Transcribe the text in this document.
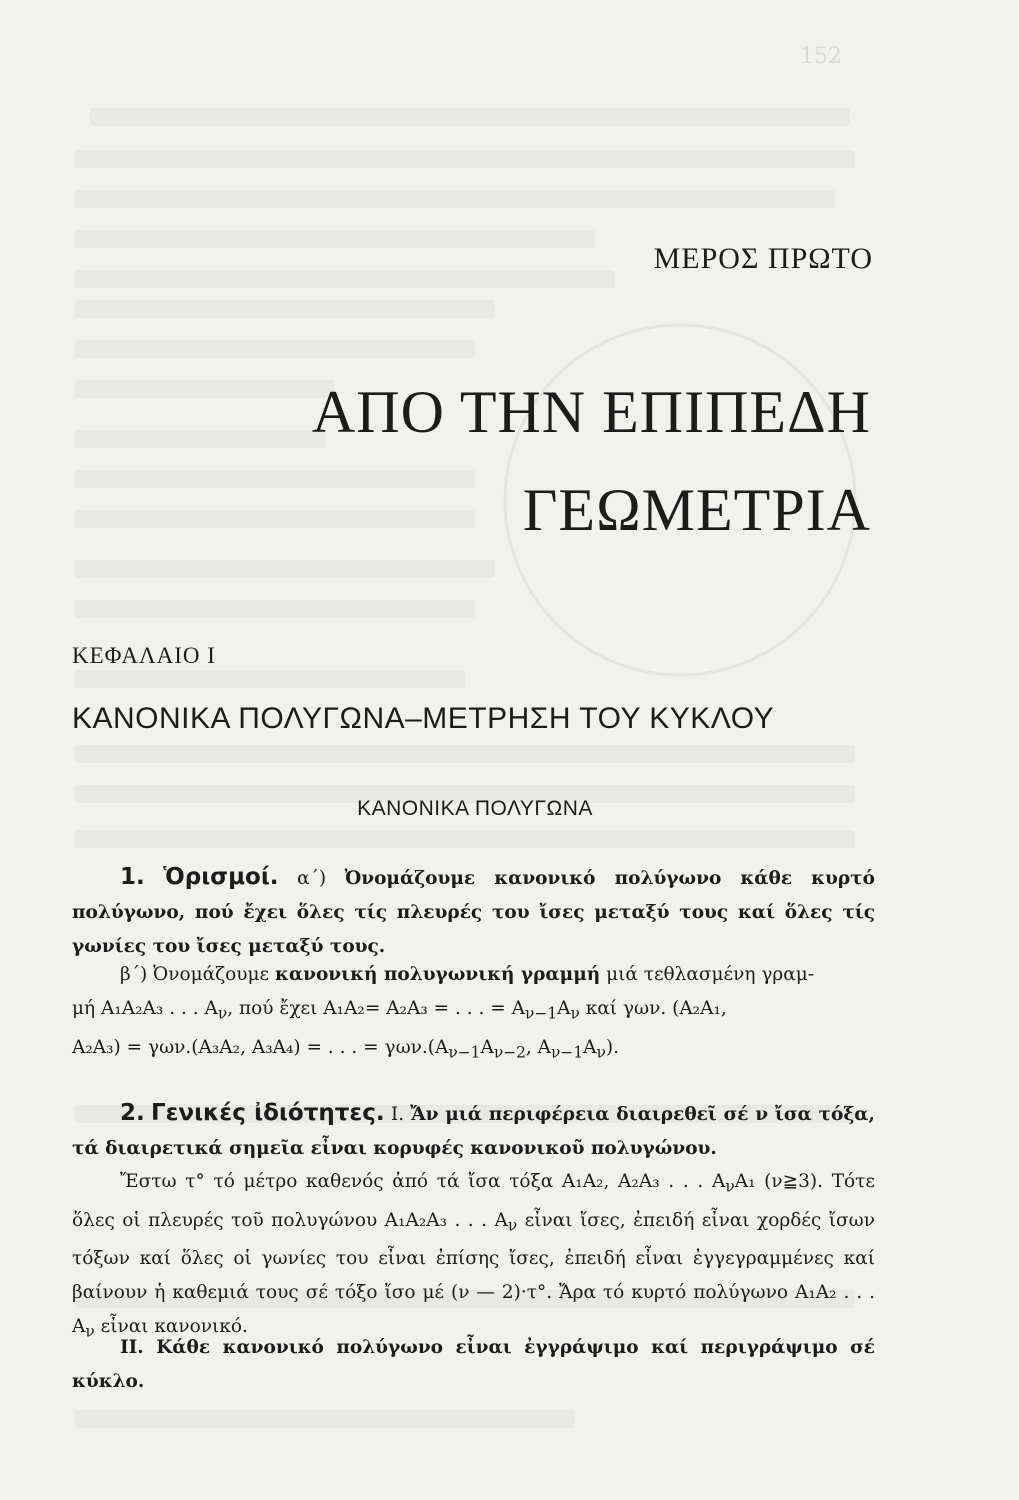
152
ΜΕΡΟΣ ΠΡΩΤΟ
ΑΠΟ ΤΗΝ ΕΠΙΠΕΔΗ
ΓΕΩΜΕΤΡΙΑ
ΚΕΦΑΛΑΙΟ Ι
ΚΑΝΟΝΙΚΑ ΠΟΛΥΓΩΝΑ–ΜΕΤΡΗΣΗ ΤΟΥ ΚΥΚΛΟΥ
ΚΑΝΟΝΙΚΑ ΠΟΛΥΓΩΝΑ
1. Ὁρισμοί. α΄) Ὀνομάζουμε κανονικό πολύγωνο κάθε κυρτό πολύγωνο, πού ἔχει ὅλες τίς πλευρές του ἴσες μεταξύ τους καί ὅλες τίς γωνίες του ἴσες μεταξύ τους.
β΄) Ὀνομάζουμε κανονική πολυγωνική γραμμή μιά τεθλασμένη γραμ-
μή Α₁Α₂Α₃ . . . $A_\nu$, πού ἔχει Α₁Α₂= Α₂Α₃ = . . . = $A_{\nu-1}A_\nu$ καί γων. (Α₂Α₁,
Α₂Α₃) = γων.(Α₃Α₂, Α₃Α₄) = . . . = $\gamma\omega\nu.(A_{\nu-1}A_{\nu-2}$, $A_{\nu-1}A_\nu$).
2. Γενικές ἰδιότητες. I. Ἄν μιά περιφέρεια διαιρεθεῖ σέ ν ἴσα τόξα, τά διαιρετικά σημεῖα εἶναι κορυφές κανονικοῦ πολυγώνου.
Ἔστω τ° τό μέτρο καθενός ἀπό τά ἴσα τόξα Α₁Α₂, Α₂Α₃ . . . $A_\nu A_1$ (ν≧3). Τότε ὅλες οἱ πλευρές τοῦ πολυγώνου Α₁Α₂Α₃ . . . $A_\nu$ εἶναι ἴσες, ἐπειδή εἶναι χορδές ἴσων τόξων καί ὅλες οἱ γωνίες του εἶναι ἐπίσης ἴσες, ἐπειδή εἶναι ἐγγεγραμμένες καί βαίνουν ἡ καθεμιά τους σέ τόξο ἴσο μέ (ν — 2)·τ°. Ἄρα τό κυρτό πολύγωνο Α₁Α₂ . . . $A_\nu$ εἶναι κανονικό.
II. Κάθε κανονικό πολύγωνο εἶναι ἐγγράψιμο καί περιγράψιμο σέ κύκλο.
